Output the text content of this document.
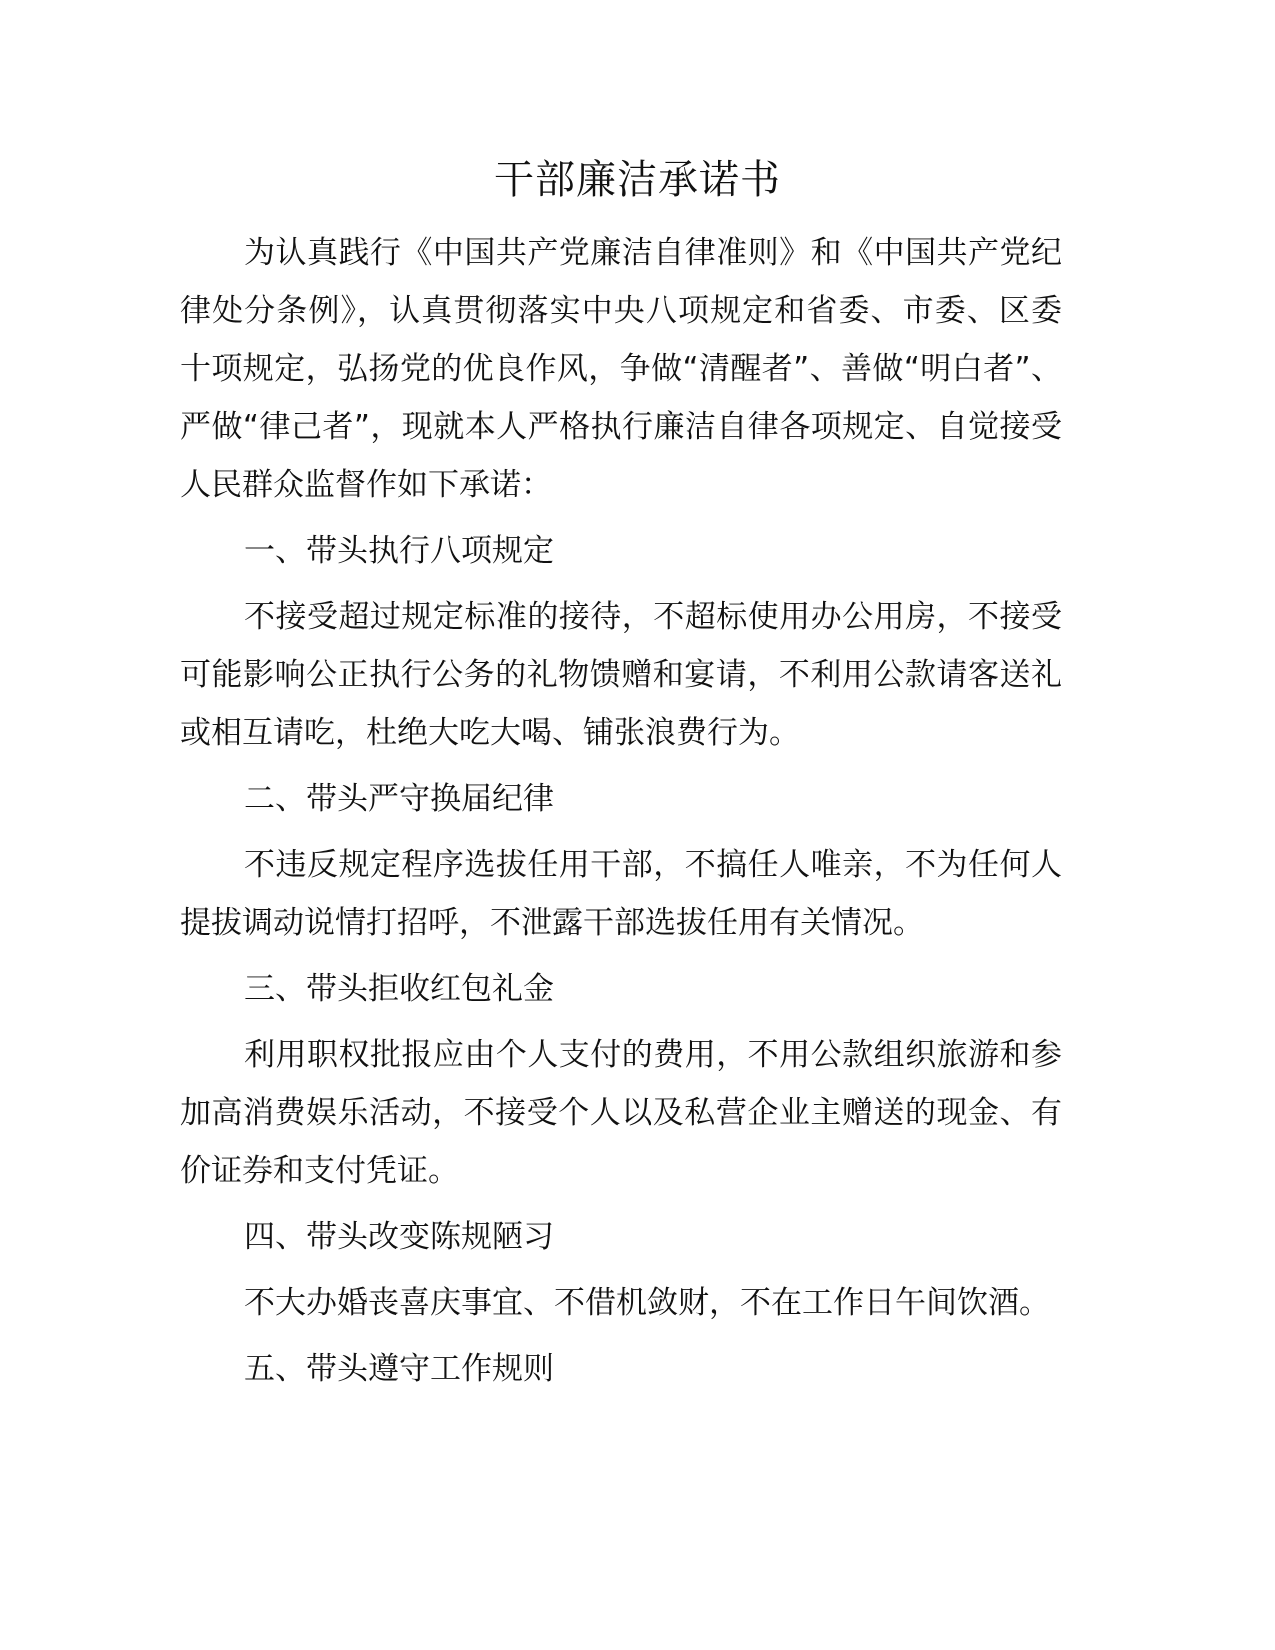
干部廉洁承诺书

为认真践行《中国共产党廉洁自律准则》和《中国共产党纪律处分条例》，认真贯彻落实中央八项规定和省委、市委、区委十项规定，弘扬党的优良作风，争做“清醒者”、善做“明白者”、严做“律己者”，现就本人严格执行廉洁自律各项规定、自觉接受人民群众监督作如下承诺：

一、带头执行八项规定

不接受超过规定标准的接待，不超标使用办公用房，不接受可能影响公正执行公务的礼物馈赠和宴请，不利用公款请客送礼或相互请吃，杜绝大吃大喝、铺张浪费行为。

二、带头严守换届纪律

不违反规定程序选拔任用干部，不搞任人唯亲，不为任何人提拔调动说情打招呼，不泄露干部选拔任用有关情况。

三、带头拒收红包礼金

利用职权批报应由个人支付的费用，不用公款组织旅游和参加高消费娱乐活动，不接受个人以及私营企业主赠送的现金、有价证券和支付凭证。

四、带头改变陈规陋习

不大办婚丧喜庆事宜、不借机敛财，不在工作日午间饮酒。

五、带头遵守工作规则
